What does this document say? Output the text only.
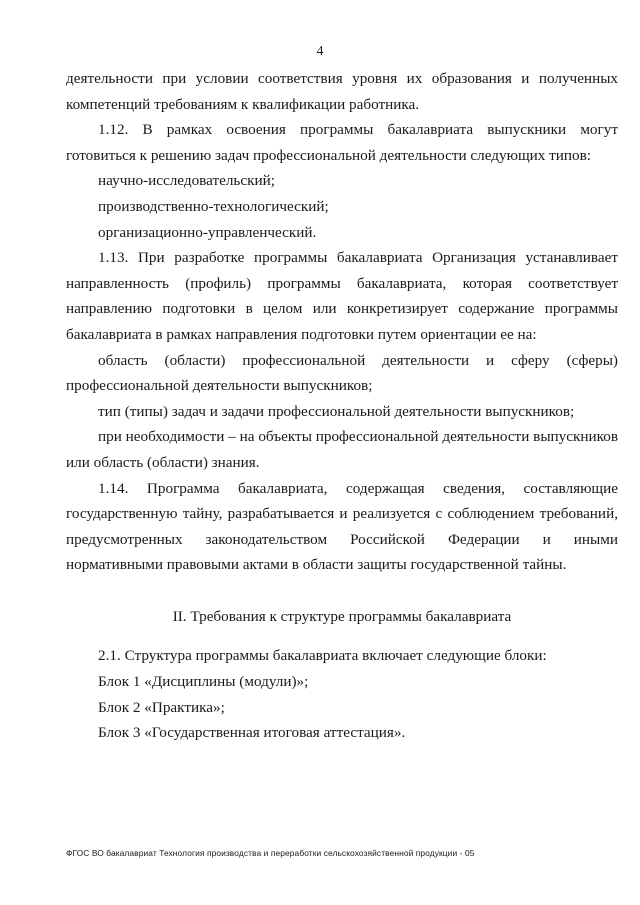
4

деятельности при условии соответствия уровня их образования и полученных компетенций требованиям к квалификации работника.

1.12. В рамках освоения программы бакалавриата выпускники могут готовиться к решению задач профессиональной деятельности следующих типов:

научно-исследовательский;

производственно-технологический;

организационно-управленческий.

1.13. При разработке программы бакалавриата Организация устанавливает направленность (профиль) программы бакалавриата, которая соответствует направлению подготовки в целом или конкретизирует содержание программы бакалавриата в рамках направления подготовки путем ориентации ее на:

область (области) профессиональной деятельности и сферу (сферы) профессиональной деятельности выпускников;

тип (типы) задач и задачи профессиональной деятельности выпускников;

при необходимости – на объекты профессиональной деятельности выпускников или область (области) знания.

1.14. Программа бакалавриата, содержащая сведения, составляющие государственную тайну, разрабатывается и реализуется с соблюдением требований, предусмотренных законодательством Российской Федерации и иными нормативными правовыми актами в области защиты государственной тайны.

II. Требования к структуре программы бакалавриата

2.1. Структура программы бакалавриата включает следующие блоки:

Блок 1 «Дисциплины (модули)»;

Блок 2 «Практика»;

Блок 3 «Государственная итоговая аттестация».

ФГОС ВО бакалавриат Технология производства и переработки сельскохозяйственной продукции - 05
